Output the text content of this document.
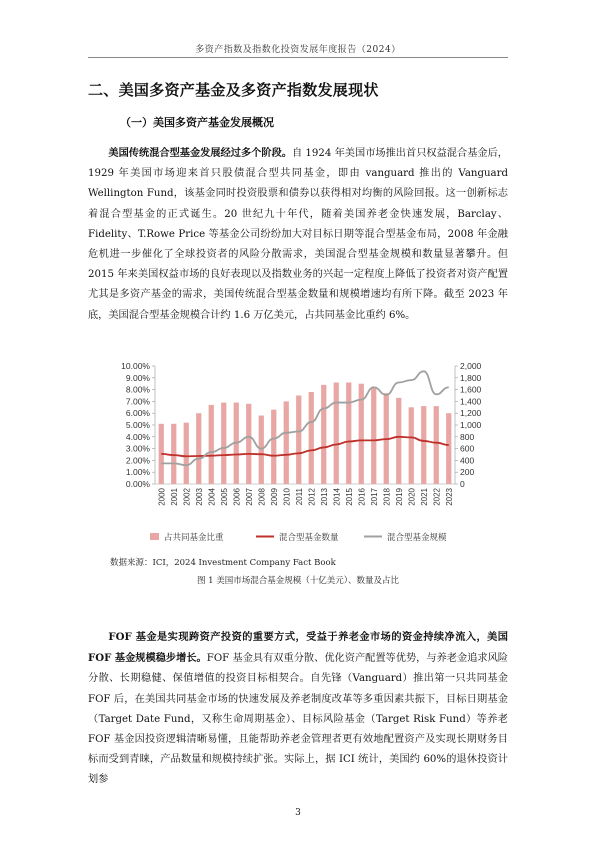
多资产指数及指数化投资发展年度报告（2024）
二、美国多资产基金及多资产指数发展现状
（一）美国多资产基金发展概况

美国传统混合型基金发展经过多个阶段。自 1924 年美国市场推出首只权益混合基金后，1929 年美国市场迎来首只股债混合型共同基金，即由 vanguard 推出的 Vanguard Wellington Fund，该基金同时投资股票和债券以获得相对均衡的风险回报。这一创新标志着混合型基金的正式诞生。20 世纪九十年代，随着美国养老金快速发展，Barclay、Fidelity、T.Rowe Price 等基金公司纷纷加大对目标日期等混合型基金布局，2008 年金融危机进一步催化了全球投资者的风险分散需求，美国混合型基金规模和数量显著攀升。但 2015 年来美国权益市场的良好表现以及指数业务的兴起一定程度上降低了投资者对资产配置尤其是多资产基金的需求，美国传统混合型基金数量和规模增速均有所下降。截至 2023 年底，美国混合型基金规模合计约 1.6 万亿美元，占共同基金比重约 6%。

0.00%
1.00%
2.00%
3.00%
4.00%
5.00%
6.00%
7.00%
8.00%
9.00%
10.00%
0
200
400
600
800
1,000
1,200
1,400
1,600
1,800
2,000
2000 2001 2002 2003 2004 2005 2006 2007 2008 2009 2010 2011 2012 2013 2014 2015 2016 2017 2018 2019 2020 2021 2022 2023
占共同基金比重	混合型基金数量	混合型基金规模
数据来源：ICI，2024 Investment Company Fact Book
图 1 美国市场混合基金规模（十亿美元）、数量及占比

FOF 基金是实现跨资产投资的重要方式，受益于养老金市场的资金持续净流入，美国 FOF 基金规模稳步增长。FOF 基金具有双重分散、优化资产配置等优势，与养老金追求风险分散、长期稳健、保值增值的投资目标相契合。自先锋（Vanguard）推出第一只共同基金 FOF 后，在美国共同基金市场的快速发展及养老制度改革等多重因素共振下，目标日期基金（Target Date Fund，又称生命周期基金）、目标风险基金（Target Risk Fund）等养老 FOF 基金因投资逻辑清晰易懂，且能帮助养老金管理者更有效地配置资产及实现长期财务目标而受到青睐，产品数量和规模持续扩张。实际上，据 ICI 统计，美国约 60%的退休投资计划参

3
